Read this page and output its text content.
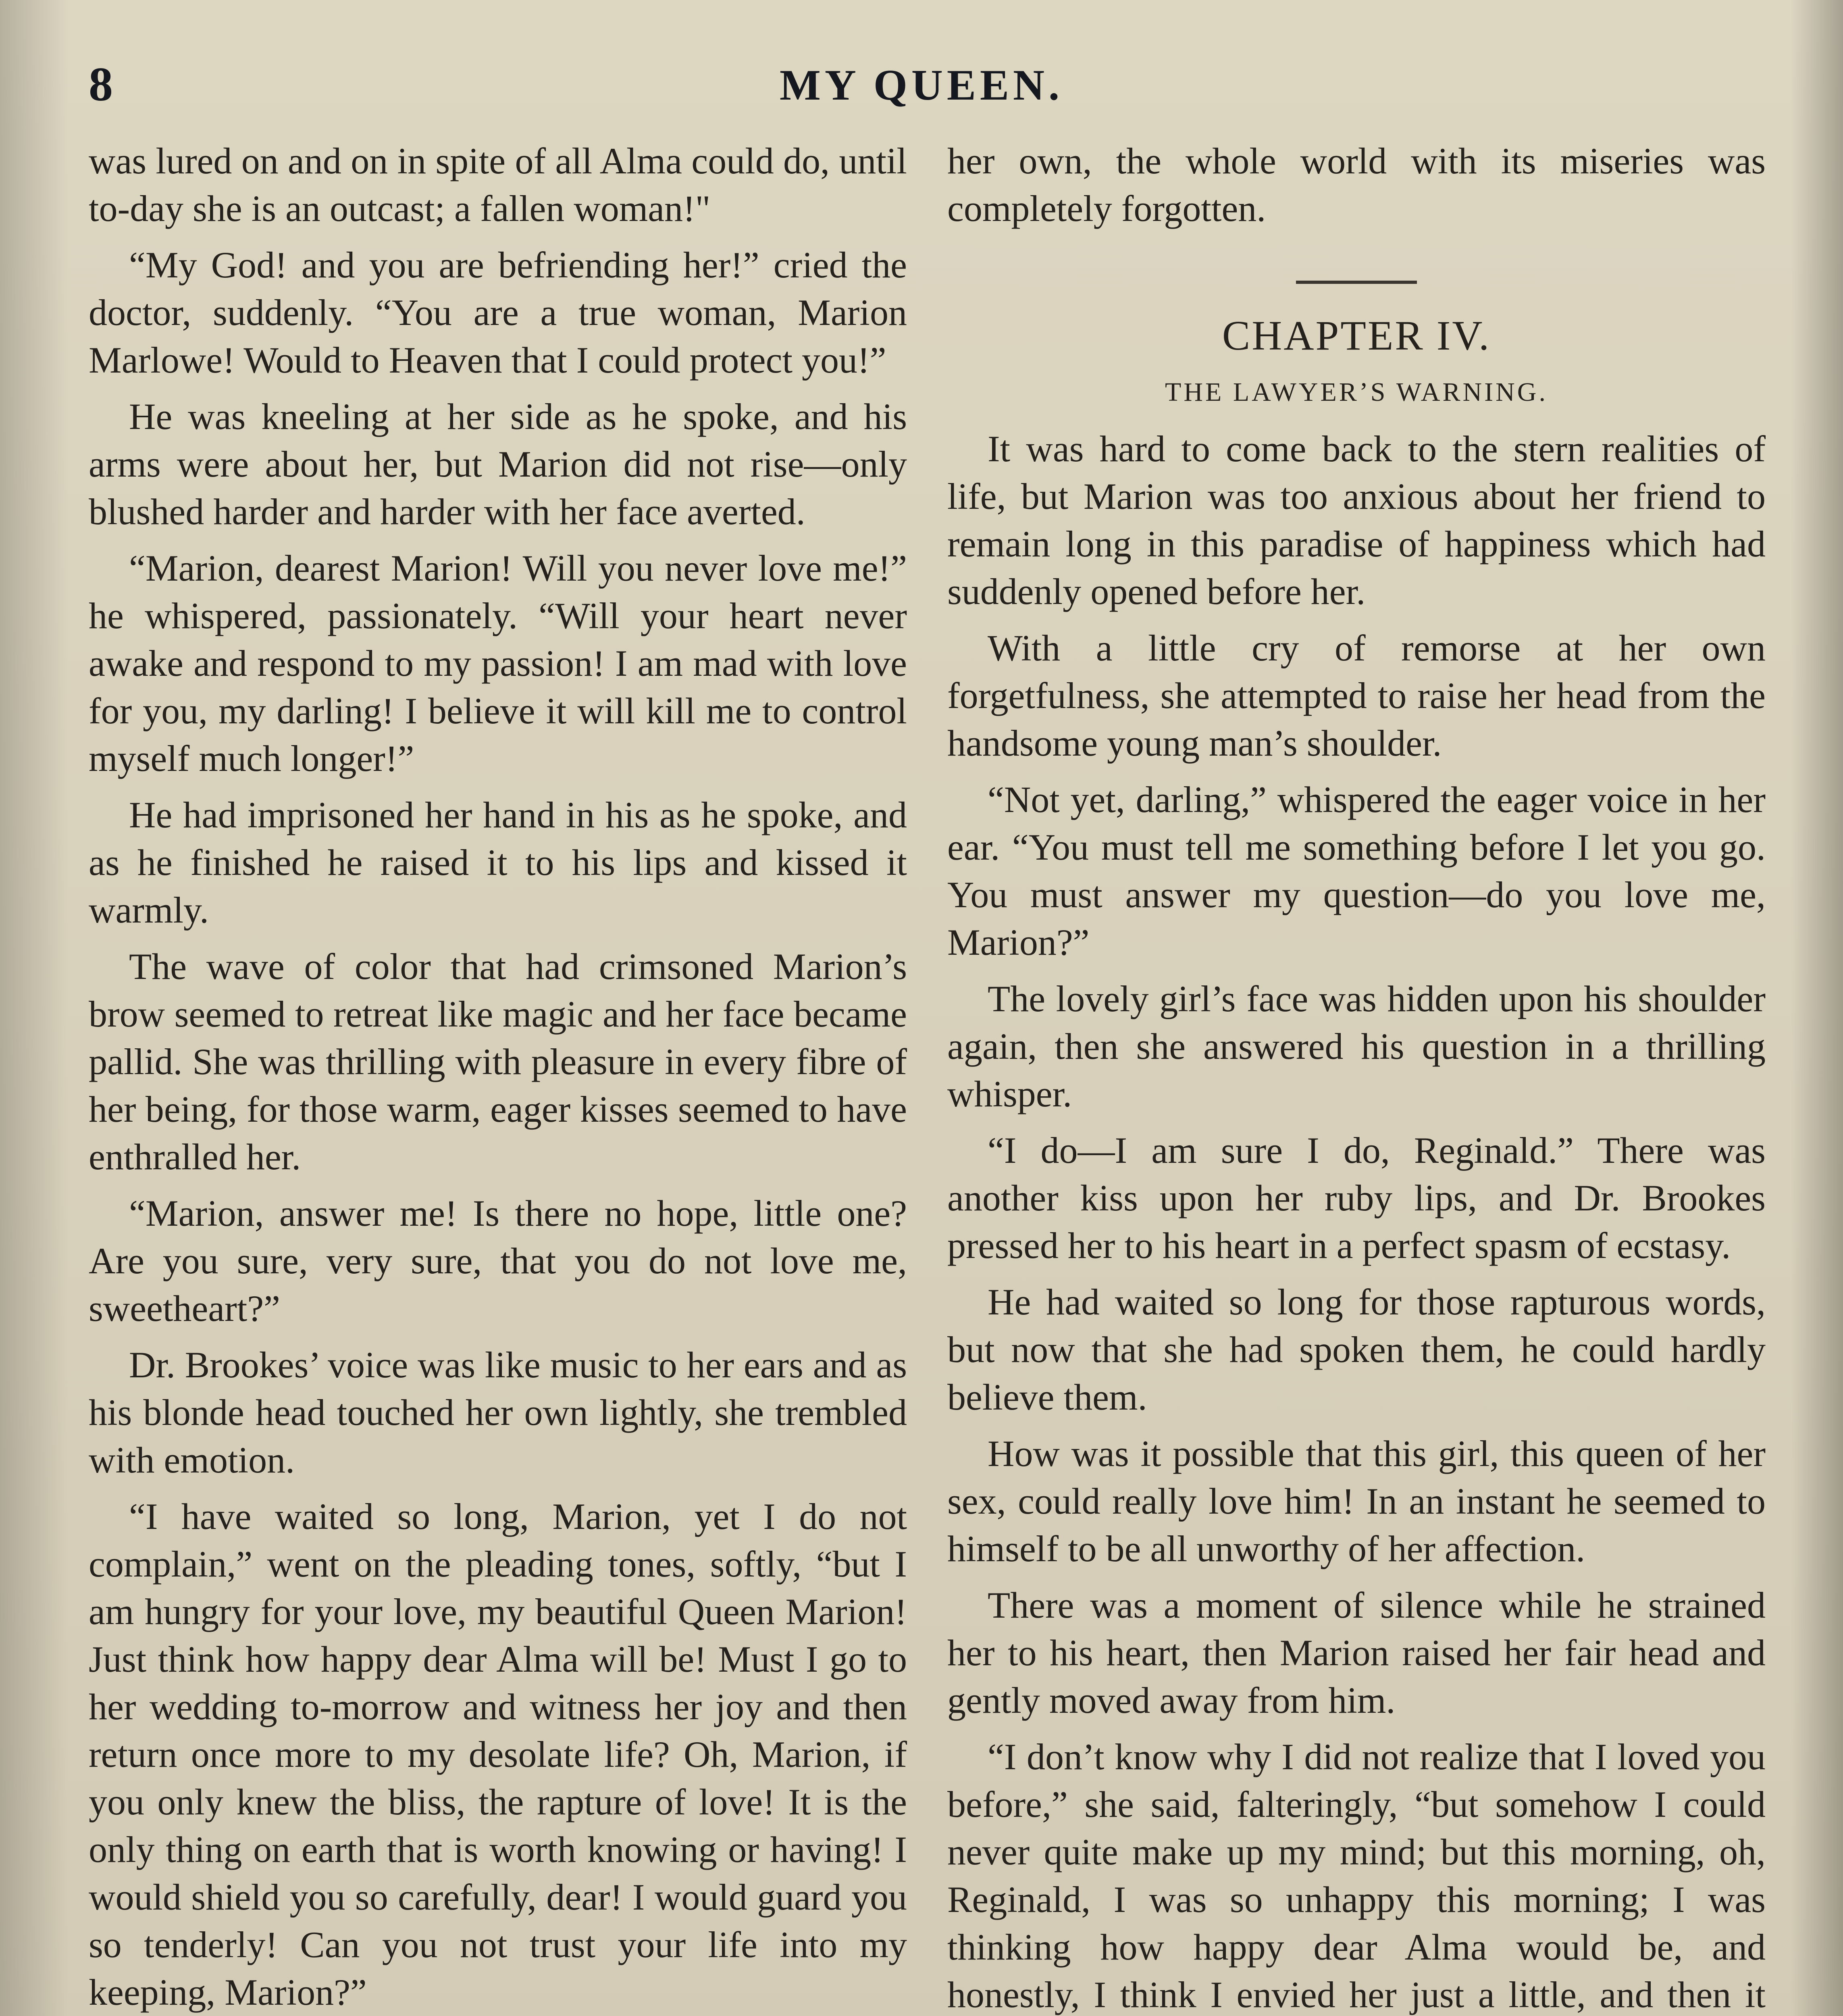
8	MY QUEEN.

was lured on and on in spite of all Alma could do, until to-day she is an outcast; a fallen woman!"

“My God! and you are befriending her!” cried the doctor, suddenly. “You are a true woman, Marion Marlowe! Would to Heaven that I could protect you!”

He was kneeling at her side as he spoke, and his arms were about her, but Marion did not rise—only blushed harder and harder with her face averted.

“Marion, dearest Marion! Will you never love me!” he whispered, passionately. “Will your heart never awake and respond to my passion! I am mad with love for you, my darling! I believe it will kill me to control myself much longer!”

He had imprisoned her hand in his as he spoke, and as he finished he raised it to his lips and kissed it warmly.

The wave of color that had crimsoned Marion’s brow seemed to retreat like magic and her face became pallid. She was thrilling with pleasure in every fibre of her being, for those warm, eager kisses seemed to have enthralled her.

“Marion, answer me! Is there no hope, little one? Are you sure, very sure, that you do not love me, sweetheart?”

Dr. Brookes’ voice was like music to her ears and as his blonde head touched her own lightly, she trembled with emotion.

“I have waited so long, Marion, yet I do not complain,” went on the pleading tones, softly, “but I am hungry for your love, my beautiful Queen Marion! Just think how happy dear Alma will be! Must I go to her wedding to-morrow and witness her joy and then return once more to my desolate life? Oh, Marion, if you only knew the bliss, the rapture of love! It is the only thing on earth that is worth knowing or having! I would shield you so carefully, dear! I would guard you so tenderly! Can you not trust your life into my keeping, Marion?”

her own, the whole world with its miseries was completely forgotten.

CHAPTER IV.

THE LAWYER’S WARNING.

It was hard to come back to the stern realities of life, but Marion was too anxious about her friend to remain long in this paradise of happiness which had suddenly opened before her.

With a little cry of remorse at her own forgetfulness, she attempted to raise her head from the handsome young man’s shoulder.

“Not yet, darling,” whispered the eager voice in her ear. “You must tell me something before I let you go. You must answer my question—do you love me, Marion?”

The lovely girl’s face was hidden upon his shoulder again, then she answered his question in a thrilling whisper.

“I do—I am sure I do, Reginald.” There was another kiss upon her ruby lips, and Dr. Brookes pressed her to his heart in a perfect spasm of ecstasy.

He had waited so long for those rapturous words, but now that she had spoken them, he could hardly believe them.

How was it possible that this girl, this queen of her sex, could really love him! In an instant he seemed to himself to be all unworthy of her affection.

There was a moment of silence while he strained her to his heart, then Marion raised her fair head and gently moved away from him.

“I don’t know why I did not realize that I loved you before,” she said, falteringly, “but somehow I could never quite make up my mind; but this morning, oh, Reginald, I was so unhappy this morning; I was thinking how happy dear Alma would be, and honestly, I think I envied her just a little, and then it
